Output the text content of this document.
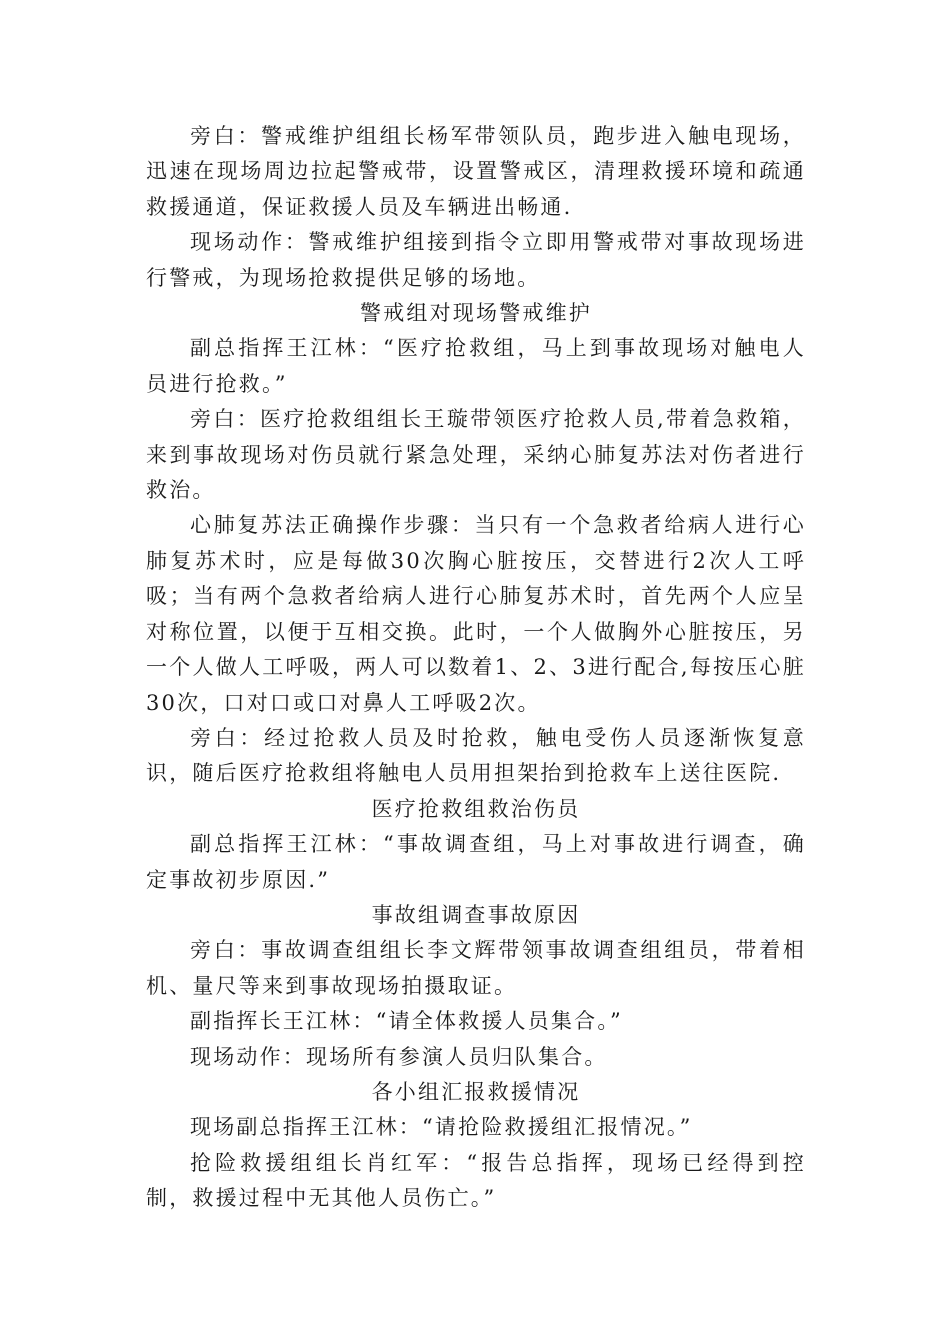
旁白：警戒维护组组长杨军带领队员，跑步进入触电现场，迅速在现场周边拉起警戒带，设置警戒区，清理救援环境和疏通救援通道，保证救援人员及车辆进出畅通.

现场动作：警戒维护组接到指令立即用警戒带对事故现场进行警戒，为现场抢救提供足够的场地。

警戒组对现场警戒维护

副总指挥王江林：“医疗抢救组，马上到事故现场对触电人员进行抢救。”

旁白：医疗抢救组组长王璇带领医疗抢救人员,带着急救箱，来到事故现场对伤员就行紧急处理，采纳心肺复苏法对伤者进行救治。

心肺复苏法正确操作步骤：当只有一个急救者给病人进行心肺复苏术时，应是每做30次胸心脏按压，交替进行2次人工呼吸；当有两个急救者给病人进行心肺复苏术时，首先两个人应呈对称位置，以便于互相交换。此时，一个人做胸外心脏按压，另一个人做人工呼吸，两人可以数着1、2、3进行配合,每按压心脏30次，口对口或口对鼻人工呼吸2次。

旁白：经过抢救人员及时抢救，触电受伤人员逐渐恢复意识，随后医疗抢救组将触电人员用担架抬到抢救车上送往医院.

医疗抢救组救治伤员

副总指挥王江林：“事故调查组，马上对事故进行调查，确定事故初步原因.”

事故组调查事故原因

旁白：事故调查组组长李文辉带领事故调查组组员，带着相机、量尺等来到事故现场拍摄取证。

副指挥长王江林：“请全体救援人员集合。”

现场动作：现场所有参演人员归队集合。

各小组汇报救援情况

现场副总指挥王江林：“请抢险救援组汇报情况。”

抢险救援组组长肖红军：“报告总指挥，现场已经得到控制，救援过程中无其他人员伤亡。”
